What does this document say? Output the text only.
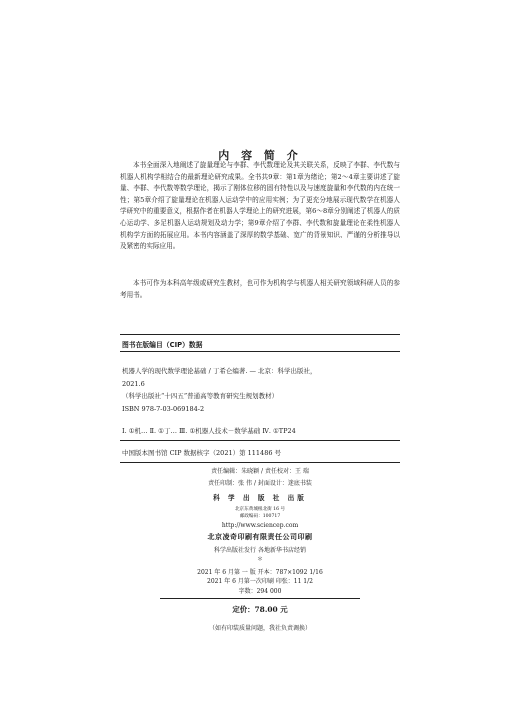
内 容 简 介
本书全面深入地阐述了旋量理论与李群、李代数理论及其关联关系，反映了李群、李代数与机器人机构学相结合的最新理论研究成果。全书共9章：第1章为绪论；第2～4章主要讲述了旋量、李群、李代数等数学理论，揭示了刚体位移的固有特性以及与速度旋量和李代数的内在统一性；第5章介绍了旋量理论在机器人运动学中的应用实例；为了更充分地展示现代数学在机器人学研究中的重要意义，根据作者在机器人学理论上的研究进展，第6～8章分别阐述了机器人的质心运动学、多足机器人运动规划及动力学；第9章介绍了李群、李代数和旋量理论在柔性机器人机构学方面的拓展应用。本书内容涵盖了深厚的数学基础、宽广的背景知识、严谨的分析推导以及紧密的实际应用。
本书可作为本科高年级或研究生教材，也可作为机构学与机器人相关研究领域科研人员的参考用书。
图书在版编目（CIP）数据
机器人学的现代数学理论基础 / 丁希仑编著. — 北京：科学出版社，
2021.6
（科学出版社“十四五”普通高等教育研究生规划教材）
ISBN 978-7-03-069184-2
Ⅰ. ①机… Ⅱ. ①丁… Ⅲ. ①机器人技术－数学基础 Ⅳ. ①TP24
中国版本图书馆 CIP 数据核字（2021）第 111486 号
责任编辑：朱晓颖 / 责任校对：王 瑞
责任印制：张 伟 / 封面设计：迷底书装
科 学 出 版 社 出版
北京东黄城根北街 16 号
邮政编码：100717
http://www.sciencep.com
北京凌奇印刷有限责任公司印刷
科学出版社发行 各地新华书店经销
＊
2021 年 6 月第 一 版 开本：787×1092 1/16
2021 年 6 月第一次印刷 印张：11 1/2
字数：294 000
定价：78.00 元
（如有印装质量问题，我社负责调换）
